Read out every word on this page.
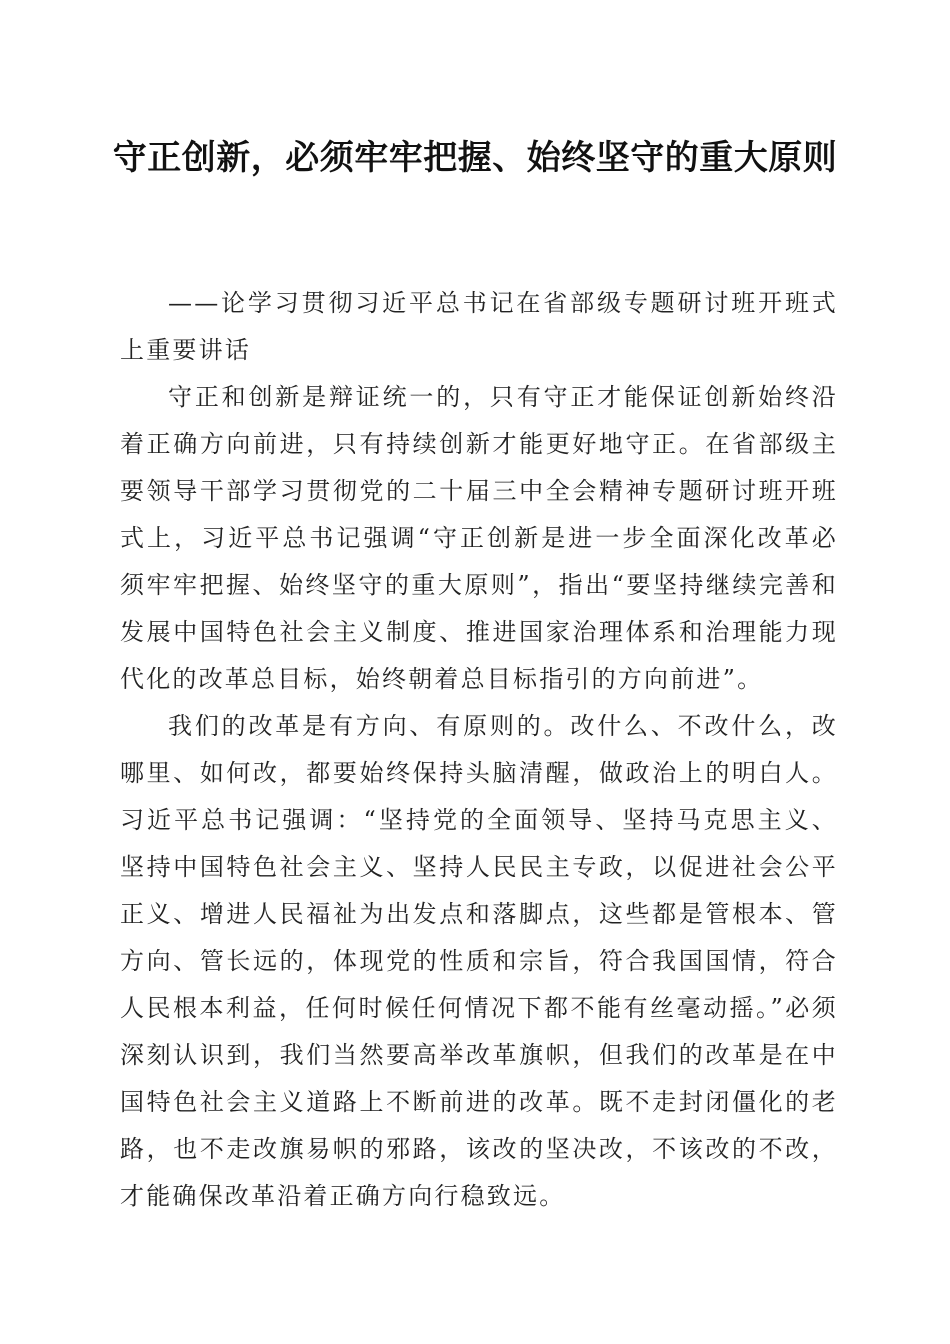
守正创新，必须牢牢把握、始终坚守的重大原则

——论学习贯彻习近平总书记在省部级专题研讨班开班式上重要讲话

守正和创新是辩证统一的，只有守正才能保证创新始终沿着正确方向前进，只有持续创新才能更好地守正。在省部级主要领导干部学习贯彻党的二十届三中全会精神专题研讨班开班式上，习近平总书记强调“守正创新是进一步全面深化改革必须牢牢把握、始终坚守的重大原则”，指出“要坚持继续完善和发展中国特色社会主义制度、推进国家治理体系和治理能力现代化的改革总目标，始终朝着总目标指引的方向前进”。

我们的改革是有方向、有原则的。改什么、不改什么，改哪里、如何改，都要始终保持头脑清醒，做政治上的明白人。习近平总书记强调：“坚持党的全面领导、坚持马克思主义、坚持中国特色社会主义、坚持人民民主专政，以促进社会公平正义、增进人民福祉为出发点和落脚点，这些都是管根本、管方向、管长远的，体现党的性质和宗旨，符合我国国情，符合人民根本利益，任何时候任何情况下都不能有丝毫动摇。”必须深刻认识到，我们当然要高举改革旗帜，但我们的改革是在中国特色社会主义道路上不断前进的改革。既不走封闭僵化的老路，也不走改旗易帜的邪路，该改的坚决改，不该改的不改，才能确保改革沿着正确方向行稳致远。
